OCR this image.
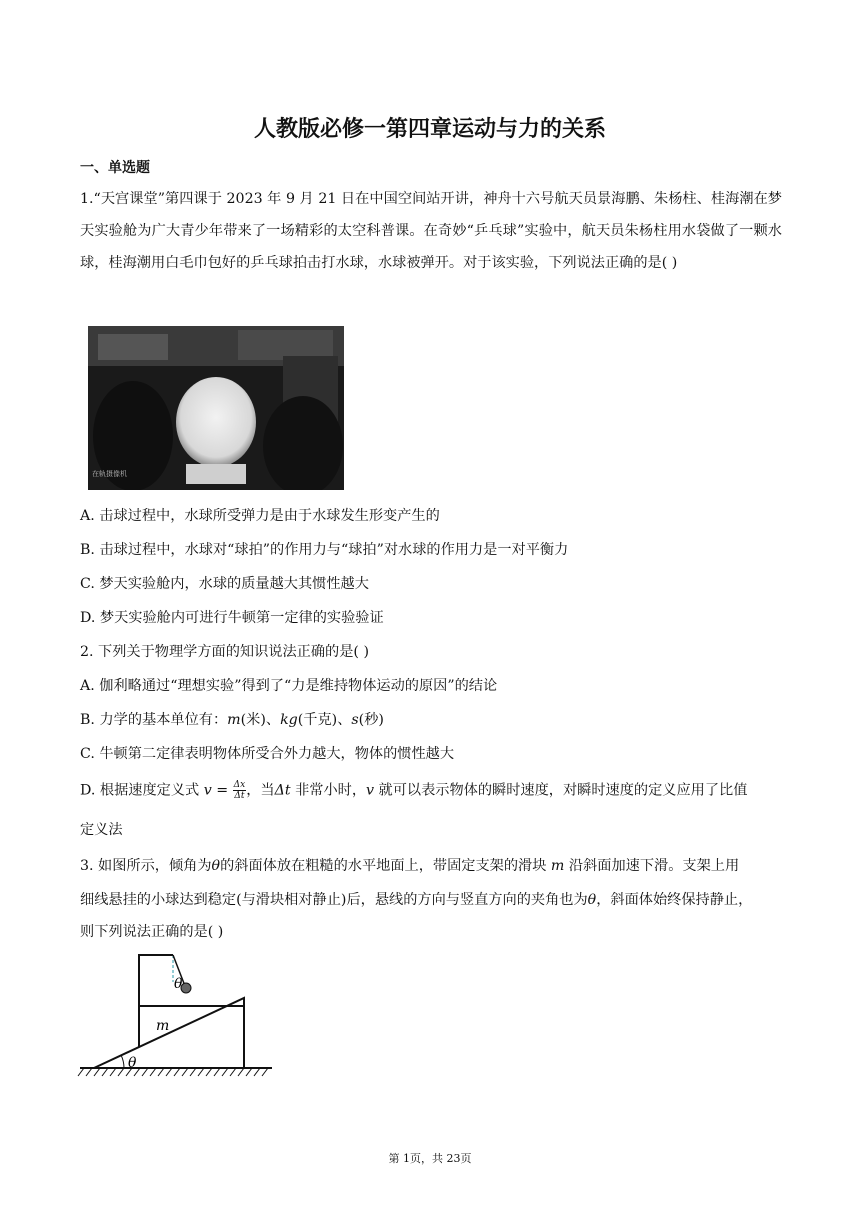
人教版必修一第四章运动与力的关系
一、单选题

1.“天宫课堂”第四课于 2023 年 9 月 21 日在中国空间站开讲，神舟十六号航天员景海鹏、朱杨柱、桂海潮在梦天实验舱为广大青少年带来了一场精彩的太空科普课。在奇妙“乒乓球”实验中，航天员朱杨柱用水袋做了一颗水球，桂海潮用白毛巾包好的乒乓球拍击打水球，水球被弹开。对于该实验，下列说法正确的是( )

在轨摄像机
A. 击球过程中，水球所受弹力是由于水球发生形变产生的
B. 击球过程中，水球对“球拍”的作用力与“球拍”对水球的作用力是一对平衡力
C. 梦天实验舱内，水球的质量越大其惯性越大
D. 梦天实验舱内可进行牛顿第一定律的实验验证
2. 下列关于物理学方面的知识说法正确的是( )
A. 伽利略通过“理想实验”得到了“力是维持物体运动的原因”的结论
B. 力学的基本单位有：m(米)、kg(千克)、s(秒)
C. 牛顿第二定律表明物体所受合外力越大，物体的惯性越大
D. 根据速度定义式 $v = \frac{\Delta x}{\Delta t}$ ，当Δt 非常小时，v 就可以表示物体的瞬时速度，对瞬时速度的定义应用了比值
定义法
3. 如图所示，倾角为θ的斜面体放在粗糙的水平地面上，带固定支架的滑块 m 沿斜面加速下滑。支架上用
细线悬挂的小球达到稳定(与滑块相对静止)后，悬线的方向与竖直方向的夹角也为θ，斜面体始终保持静止，
则下列说法正确的是( )
θ
θ
m
第 1页，共 23页
